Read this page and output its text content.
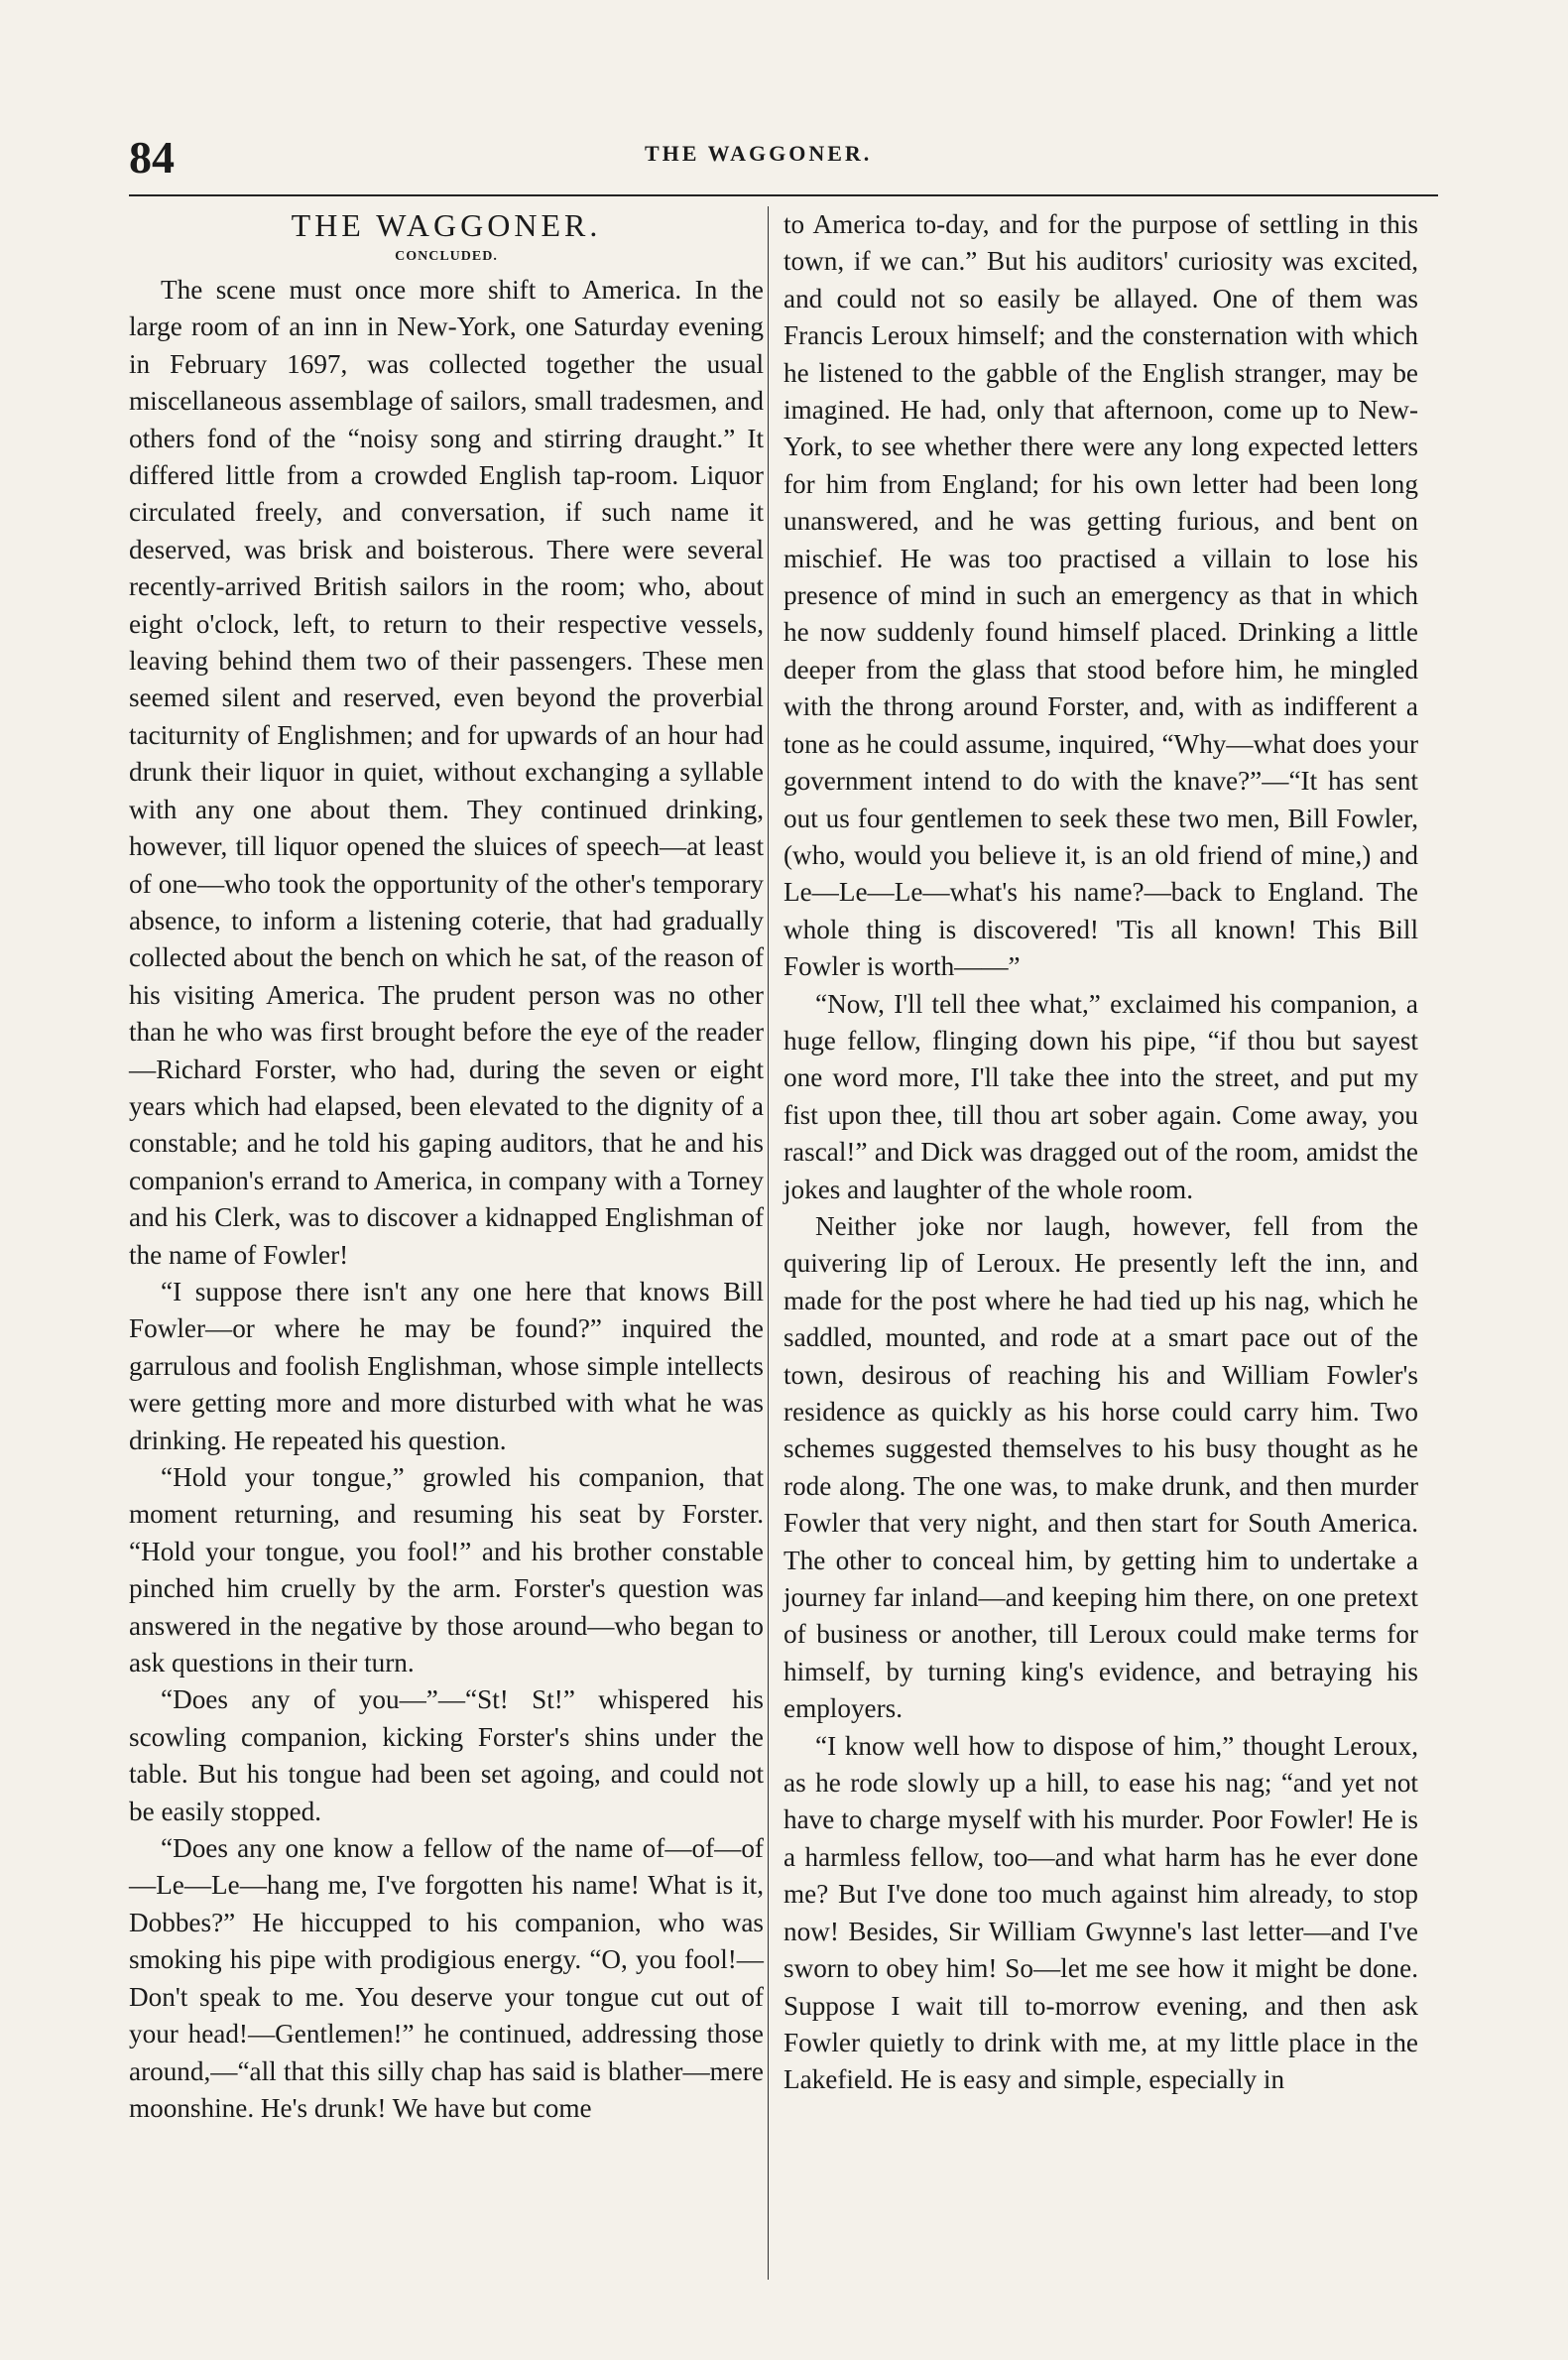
84	THE WAGGONER.
THE WAGGONER.
CONCLUDED.

The scene must once more shift to America. In the large room of an inn in New-York, one Saturday evening in February 1697, was collected together the usual miscellaneous assemblage of sailors, small tradesmen, and others fond of the “noisy song and stirring draught.” It differed little from a crowded English tap-room. Liquor circulated freely, and conversation, if such name it deserved, was brisk and boisterous. There were several recently-arrived British sailors in the room; who, about eight o'clock, left, to return to their respective vessels, leaving behind them two of their passengers. These men seemed silent and reserved, even beyond the proverbial taciturnity of Englishmen; and for upwards of an hour had drunk their liquor in quiet, without exchanging a syllable with any one about them. They continued drinking, however, till liquor opened the sluices of speech—at least of one—who took the opportunity of the other's temporary absence, to inform a listening coterie, that had gradually collected about the bench on which he sat, of the reason of his visiting America. The prudent person was no other than he who was first brought before the eye of the reader—Richard Forster, who had, during the seven or eight years which had elapsed, been elevated to the dignity of a constable; and he told his gaping auditors, that he and his companion's errand to America, in company with a Torney and his Clerk, was to discover a kidnapped Englishman of the name of Fowler!

“I suppose there isn't any one here that knows Bill Fowler—or where he may be found?” inquired the garrulous and foolish Englishman, whose simple intellects were getting more and more disturbed with what he was drinking. He repeated his question.

“Hold your tongue,” growled his companion, that moment returning, and resuming his seat by Forster. “Hold your tongue, you fool!” and his brother constable pinched him cruelly by the arm. Forster's question was answered in the negative by those around—who began to ask questions in their turn.

“Does any of you—”—“St! St!” whispered his scowling companion, kicking Forster's shins under the table. But his tongue had been set agoing, and could not be easily stopped.

“Does any one know a fellow of the name of—of—of—Le—Le—hang me, I've forgotten his name! What is it, Dobbes?” He hiccupped to his companion, who was smoking his pipe with prodigious energy. “O, you fool!—Don't speak to me. You deserve your tongue cut out of your head!—Gentlemen!” he continued, addressing those around,—“all that this silly chap has said is blather—mere moonshine. He's drunk! We have but come

to America to-day, and for the purpose of settling in this town, if we can.” But his auditors' curiosity was excited, and could not so easily be allayed. One of them was Francis Leroux himself; and the consternation with which he listened to the gabble of the English stranger, may be imagined. He had, only that afternoon, come up to New-York, to see whether there were any long expected letters for him from England; for his own letter had been long unanswered, and he was getting furious, and bent on mischief. He was too practised a villain to lose his presence of mind in such an emergency as that in which he now suddenly found himself placed. Drinking a little deeper from the glass that stood before him, he mingled with the throng around Forster, and, with as indifferent a tone as he could assume, inquired, “Why—what does your government intend to do with the knave?”—“It has sent out us four gentlemen to seek these two men, Bill Fowler, (who, would you believe it, is an old friend of mine,) and Le—Le—Le—what's his name?—back to England. The whole thing is discovered! 'Tis all known! This Bill Fowler is worth——”

“Now, I'll tell thee what,” exclaimed his companion, a huge fellow, flinging down his pipe, “if thou but sayest one word more, I'll take thee into the street, and put my fist upon thee, till thou art sober again. Come away, you rascal!” and Dick was dragged out of the room, amidst the jokes and laughter of the whole room.

Neither joke nor laugh, however, fell from the quivering lip of Leroux. He presently left the inn, and made for the post where he had tied up his nag, which he saddled, mounted, and rode at a smart pace out of the town, desirous of reaching his and William Fowler's residence as quickly as his horse could carry him. Two schemes suggested themselves to his busy thought as he rode along. The one was, to make drunk, and then murder Fowler that very night, and then start for South America. The other to conceal him, by getting him to undertake a journey far inland—and keeping him there, on one pretext of business or another, till Leroux could make terms for himself, by turning king's evidence, and betraying his employers.

“I know well how to dispose of him,” thought Leroux, as he rode slowly up a hill, to ease his nag; “and yet not have to charge myself with his murder. Poor Fowler! He is a harmless fellow, too—and what harm has he ever done me? But I've done too much against him already, to stop now! Besides, Sir William Gwynne's last letter—and I've sworn to obey him! So—let me see how it might be done. Suppose I wait till to-morrow evening, and then ask Fowler quietly to drink with me, at my little place in the Lakefield. He is easy and simple, especially in
